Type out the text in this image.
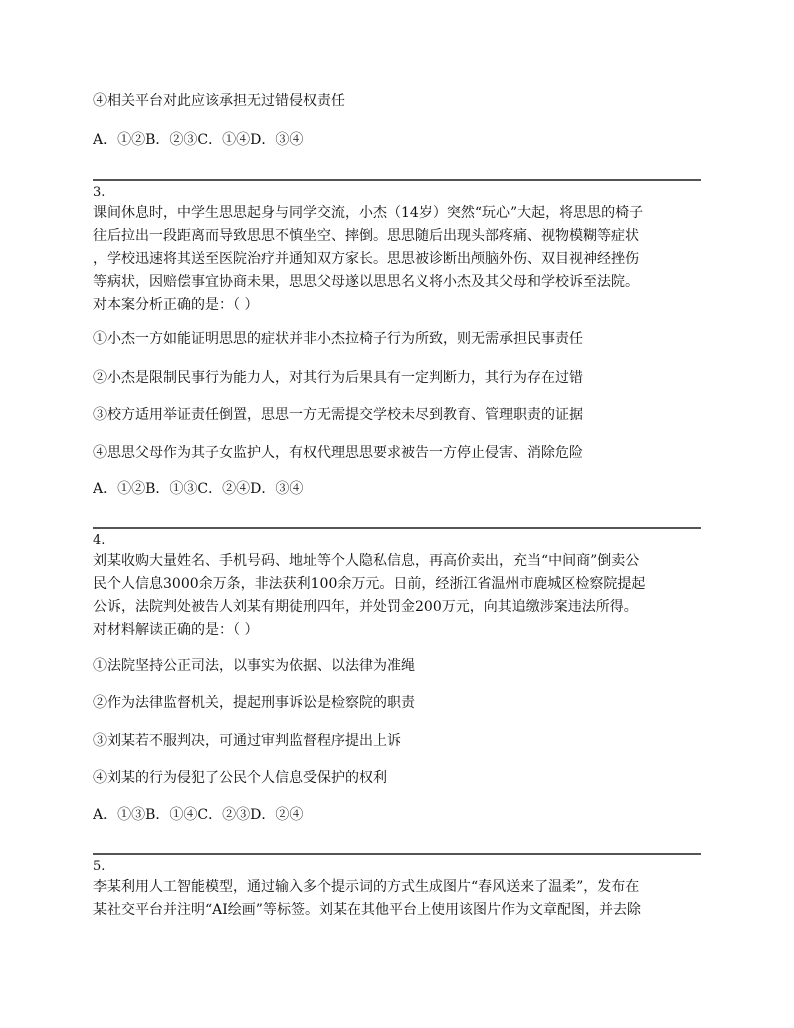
④相关平台对此应该承担无过错侵权责任
A．①②B．②③C．①④D．③④
3.
课间休息时，中学生思思起身与同学交流，小杰（14岁）突然“玩心”大起，将思思的椅子
往后拉出一段距离而导致思思不慎坐空、摔倒。思思随后出现头部疼痛、视物模糊等症状
，学校迅速将其送至医院治疗并通知双方家长。思思被诊断出颅脑外伤、双目视神经挫伤
等病状，因赔偿事宜协商未果，思思父母遂以思思名义将小杰及其父母和学校诉至法院。
对本案分析正确的是：（ ）
①小杰一方如能证明思思的症状并非小杰拉椅子行为所致，则无需承担民事责任
②小杰是限制民事行为能力人，对其行为后果具有一定判断力，其行为存在过错
③校方适用举证责任倒置，思思一方无需提交学校未尽到教育、管理职责的证据
④思思父母作为其子女监护人，有权代理思思要求被告一方停止侵害、消除危险
A．①②B．①③C．②④D．③④
4.
刘某收购大量姓名、手机号码、地址等个人隐私信息，再高价卖出，充当“中间商”倒卖公
民个人信息3000余万条，非法获利100余万元。日前，经浙江省温州市鹿城区检察院提起
公诉，法院判处被告人刘某有期徒刑四年，并处罚金200万元，向其追缴涉案违法所得。
对材料解读正确的是：（ ）
①法院坚持公正司法，以事实为依据、以法律为准绳
②作为法律监督机关，提起刑事诉讼是检察院的职责
③刘某若不服判决，可通过审判监督程序提出上诉
④刘某的行为侵犯了公民个人信息受保护的权利
A．①③B．①④C．②③D．②④
5.
李某利用人工智能模型，通过输入多个提示词的方式生成图片“春风送来了温柔”，发布在
某社交平台并注明“AI绘画”等标签。刘某在其他平台上使用该图片作为文章配图，并去除
